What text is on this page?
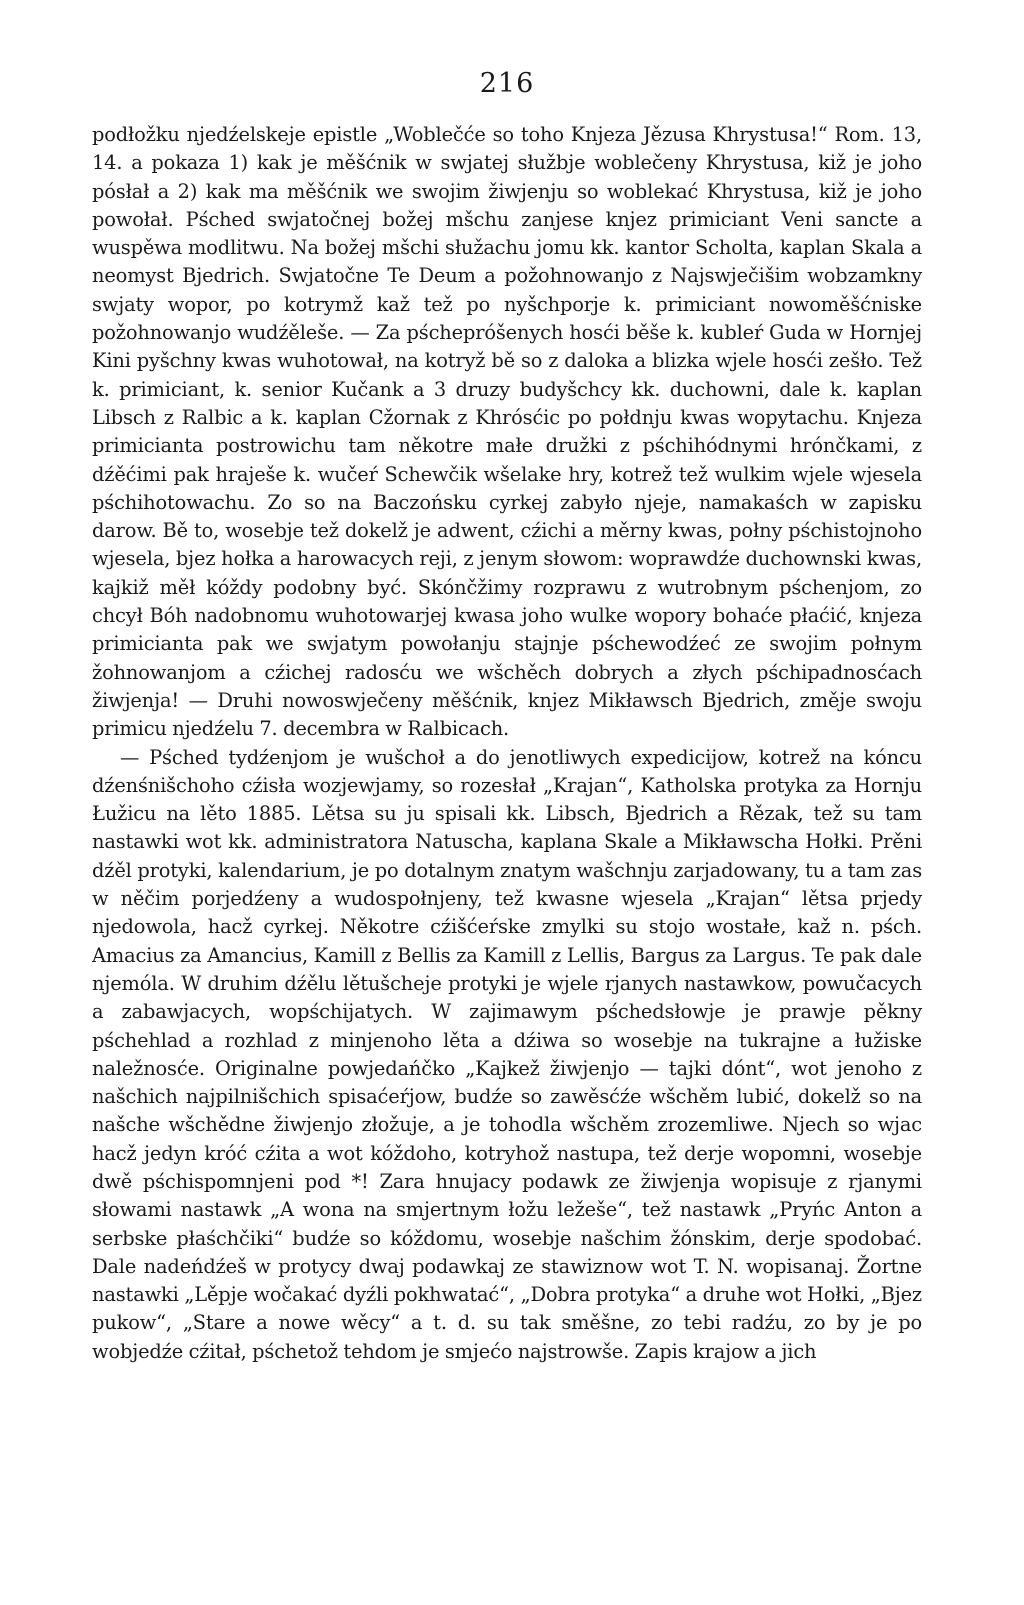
216

podłožku njedźelskeje epistle „Woblečće so toho Knjeza Jězusa Khrystusa!“ Rom. 13, 14. a pokaza 1) kak je měšćnik w swjatej słužbje woblečeny Khrystusa, kiž je joho pósłał a 2) kak ma měšćnik we swojim žiwjenju so woblekać Khrystusa, kiž je joho powołał. Pśched swjatočnej božej mšchu zanjese knjez primiciant Veni sancte a wuspěwa modlitwu. Na božej mšchi słužachu jomu kk. kantor Scholta, kaplan Skala a neomyst Bjedrich. Swjatočne Te Deum a požohnowanjo z Najswječišim wobzamkny swjaty wopor, po kotrymž kaž tež po nyšchporje k. primiciant nowoměšćniske požohnowanjo wudźěleše. — Za pśchepróšenych hosći běše k. kubleŕ Guda w Hornjej Kini pyšchny kwas wuhotował, na kotryž bě so z daloka a blizka wjele hosći zešło. Tež k. primiciant, k. senior Kučank a 3 druzy budyšchcy kk. duchowni, dale k. kaplan Libsch z Ralbic a k. kaplan Cžornak z Khrósćic po połdnju kwas wopytachu. Knjeza primicianta postrowichu tam někotre małe družki z pśchihódnymi hrónčkami, z dźěćimi pak hraješe k. wučeŕ Schewčik wšelake hry, kotrež tež wulkim wjele wjesela pśchihotowachu. Zo so na Baczońsku cyrkej zabyło njeje, namakaśch w zapisku darow. Bě to, wosebje tež dokelž je adwent, cźichi a měrny kwas, połny pśchistojnoho wjesela, bjez hołka a harowacych reji, z jenym słowom: woprawdźe duchownski kwas, kajkiž měł kóždy podobny być. Skónčžimy rozprawu z wutrobnym pśchenjom, zo chcył Bóh nadobnomu wuhotowarjej kwasa joho wulke wopory bohaće płaćić, knjeza primicianta pak we swjatym powołanju stajnje pśchewodźeć ze swojim połnym žohnowanjom a cźichej radosću we wšchěch dobrych a złych pśchipadnosćach žiwjenja! — Druhi nowoswječeny měšćnik, knjez Mikławsch Bjedrich, změje swoju primicu njedźelu 7. decembra w Ralbicach.

— Pśched tydźenjom je wušchoł a do jenotliwych expedicijow, kotrež na kóncu dźenśnišchoho cźisła wozjewjamy, so rozesłał „Krajan“, Katholska protyka za Hornju Łužicu na lěto 1885. Lětsa su ju spisali kk. Libsch, Bjedrich a Rězak, tež su tam nastawki wot kk. administratora Natuscha, kaplana Skale a Mikławscha Hołki. Prěni dźěl protyki, kalendarium, je po dotalnym znatym wašchnju zarjadowany, tu a tam zas w něčim porjedźeny a wudospołnjeny, tež kwasne wjesela „Krajan“ lětsa prjedy njedowola, hacž cyrkej. Někotre cźišćeŕske zmylki su stojo wostałe, kaž n. pśch. Amacius za Amancius, Kamill z Bellis za Kamill z Lellis, Bargus za Largus. Te pak dale njemóla. W druhim dźělu lětušcheje protyki je wjele rjanych nastawkow, powučacych a zabawjacych, wopśchijatych. W zajimawym pśchedsłowje je prawje pěkny pśchehlad a rozhlad z minjenoho lěta a dźiwa so wosebje na tukrajne a łužiske naležnosće. Originalne powjedańčko „Kajkež žiwjenjo — tajki dónt“, wot jenoho z našchich najpilnišchich spisaćeŕjow, budźe so zawěsćźe wšchěm lubić, dokelž so na našche wšchědne žiwjenjo złožuje, a je tohodla wšchěm zrozemliwe. Njech so wjac hacž jedyn króć cźita a wot kóždoho, kotryhož nastupa, tež derje wopomni, wosebje dwě pśchispomnjeni pod *! Zara hnujacy podawk ze žiwjenja wopisuje z rjanymi słowami nastawk „A wona na smjertnym łožu ležeše“, tež nastawk „Pryńc Anton a serbske płaśchčiki“ budźe so kóždomu, wosebje našchim žónskim, derje spodobać. Dale nadeńdźeš w protycy dwaj podawkaj ze stawiznow wot T. N. wopisanaj. Žortne nastawki „Lěpje wočakać dyźli pokhwatać“, „Dobra protyka“ a druhe wot Hołki, „Bjez pukow“, „Stare a nowe wěcy“ a t. d. su tak směšne, zo tebi radźu, zo by je po wobjedźe cźitał, pśchetož tehdom je smjećo najstrowše. Zapis krajow a jich
